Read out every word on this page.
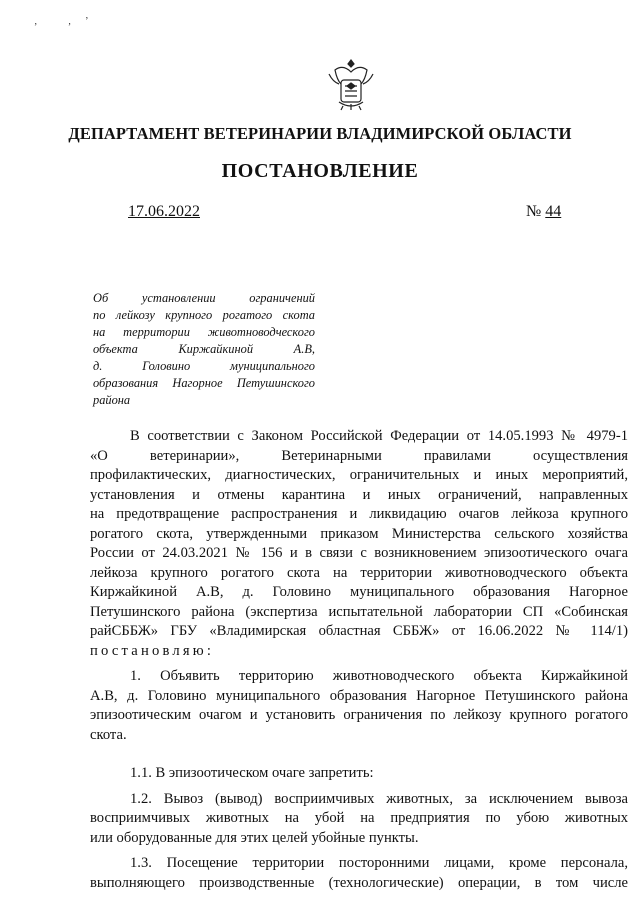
‚ ‚’
ДЕПАРТАМЕНТ ВЕТЕРИНАРИИ ВЛАДИМИРСКОЙ ОБЛАСТИ
ПОСТАНОВЛЕНИЕ
17.06.2022	№ 44
Об установлении ограничений
по лейкозу крупного рогатого скота
на территории животноводческого
объекта Киржайкиной А.В,
д. Головино муниципального
образования Нагорное Петушинского
района
В соответствии с Законом Российской Федерации от 14.05.1993 № 4979-1
«О ветеринарии», Ветеринарными правилами осуществления
профилактических, диагностических, ограничительных и иных мероприятий,
установления и отмены карантина и иных ограничений, направленных
на предотвращение распространения и ликвидацию очагов лейкоза крупного
рогатого скота, утвержденными приказом Министерства сельского хозяйства
России от 24.03.2021 № 156 и в связи с возникновением эпизоотического очага
лейкоза крупного рогатого скота на территории животноводческого объекта
Киржайкиной А.В, д. Головино муниципального образования Нагорное
Петушинского района (экспертиза испытательной лаборатории СП «Собинская
райСББЖ» ГБУ «Владимирская областная СББЖ» от 16.06.2022 № 114/1)
постановляю:
1. Объявить территорию животноводческого объекта Киржайкиной
А.В, д. Головино муниципального образования Нагорное Петушинского района
эпизоотическим очагом и установить ограничения по лейкозу крупного рогатого
скота.
1.1. В эпизоотическом очаге запретить:
1.2. Вывоз (вывод) восприимчивых животных, за исключением вывоза
восприимчивых животных на убой на предприятия по убою животных
или оборудованные для этих целей убойные пункты.
1.3. Посещение территории посторонними лицами, кроме персонала,
выполняющего производственные (технологические) операции, в том числе
